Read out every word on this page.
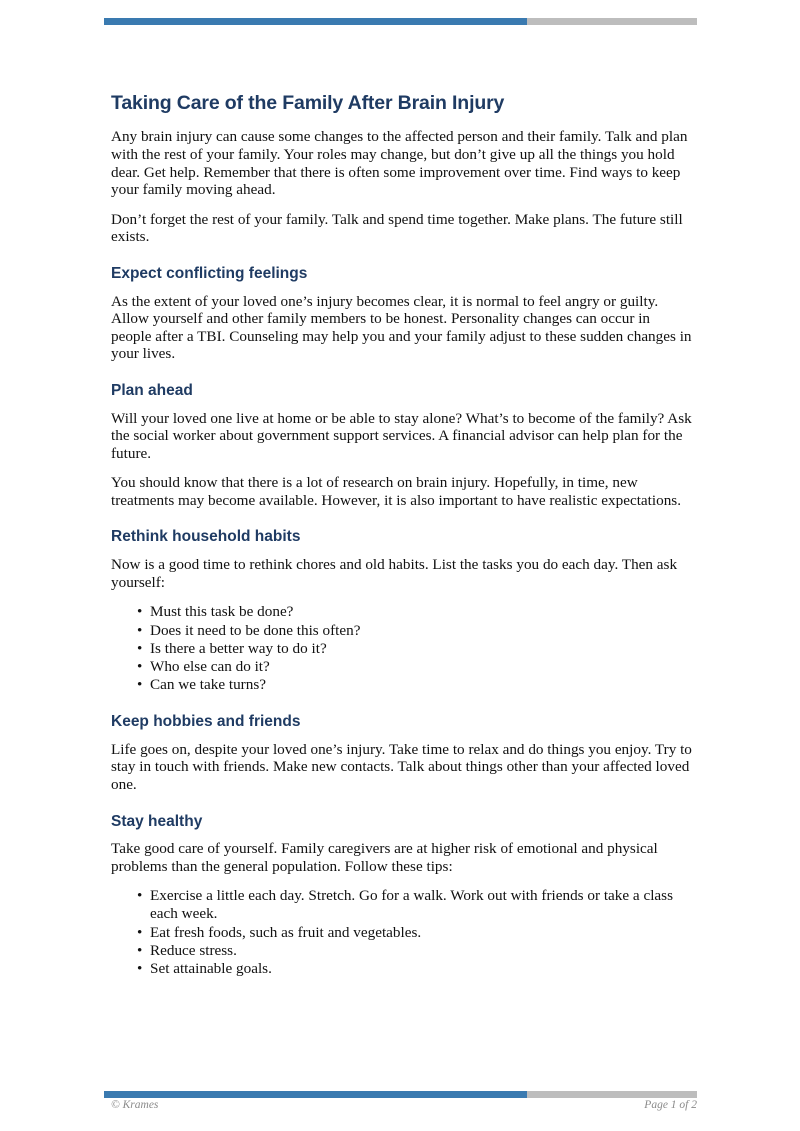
Taking Care of the Family After Brain Injury

Any brain injury can cause some changes to the affected person and their family. Talk and plan with the rest of your family. Your roles may change, but don’t give up all the things you hold dear. Get help. Remember that there is often some improvement over time. Find ways to keep your family moving ahead.

Don’t forget the rest of your family. Talk and spend time together. Make plans. The future still exists.

Expect conflicting feelings

As the extent of your loved one’s injury becomes clear, it is normal to feel angry or guilty. Allow yourself and other family members to be honest. Personality changes can occur in people after a TBI. Counseling may help you and your family adjust to these sudden changes in your lives.

Plan ahead

Will your loved one live at home or be able to stay alone? What’s to become of the family? Ask the social worker about government support services. A financial advisor can help plan for the future.

You should know that there is a lot of research on brain injury. Hopefully, in time, new treatments may become available. However, it is also important to have realistic expectations.

Rethink household habits

Now is a good time to rethink chores and old habits. List the tasks you do each day. Then ask yourself:

• Must this task be done?
• Does it need to be done this often?
• Is there a better way to do it?
• Who else can do it?
• Can we take turns?
Keep hobbies and friends

Life goes on, despite your loved one’s injury. Take time to relax and do things you enjoy. Try to stay in touch with friends. Make new contacts. Talk about things other than your affected loved one.

Stay healthy

Take good care of yourself. Family caregivers are at higher risk of emotional and physical problems than the general population. Follow these tips:

• Exercise a little each day. Stretch. Go for a walk. Work out with friends or take a class each week.
• Eat fresh foods, such as fruit and vegetables.
• Reduce stress.
• Set attainable goals.
© Krames	Page 1 of 2
